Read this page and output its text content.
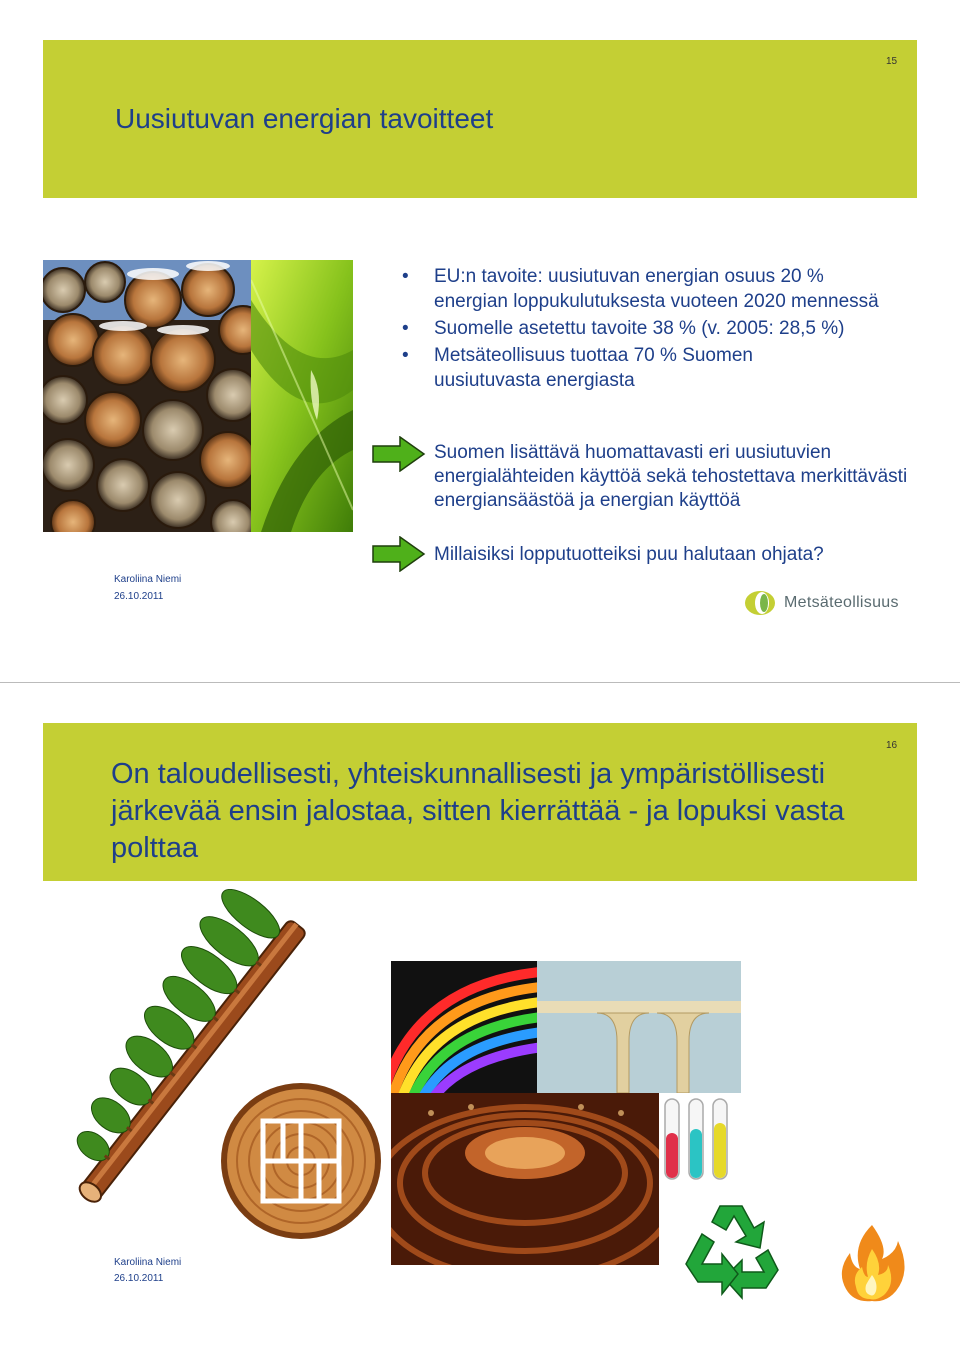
15
Uusiutuvan energian tavoitteet
• EU:n tavoite: uusiutuvan energian osuus 20 % energian loppukulutuksesta vuoteen 2020 mennessä
• Suomelle asetettu tavoite 38 % (v. 2005: 28,5 %)
• Metsäteollisuus tuottaa 70 % Suomen uusiutuvasta energiasta
Suomen lisättävä huomattavasti eri uusiutuvien energialähteiden käyttöä sekä tehostettava merkittävästi energiansäästöä ja energian käyttöä
Millaisiksi lopputuotteiksi puu halutaan ohjata?
Karoliina Niemi
26.10.2011	Metsäteollisuus
16
On taloudellisesti, yhteiskunnallisesti ja ympäristöllisesti järkevää ensin jalostaa, sitten kierrättää - ja lopuksi vasta polttaa
Karoliina Niemi
26.10.2011
